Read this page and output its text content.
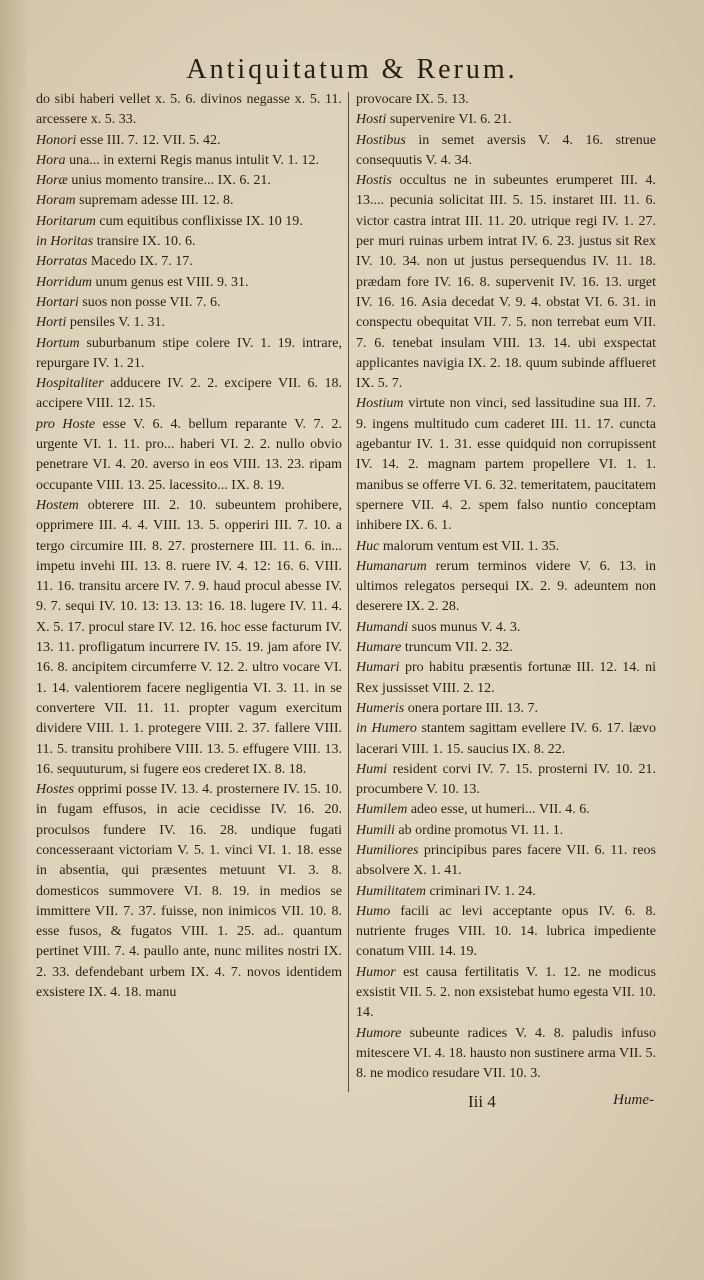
Antiquitatum & Rerum.

do sibi haberi vellet x. 5. 6. divinos negasse x. 5. 11. arcessere x. 5. 33.

Honori esse III. 7. 12. VII. 5. 42.

Hora una... in externi Regis manus intulit V. 1. 12.

Horæ unius momento transire... IX. 6. 21.

Horam supremam adesse III. 12. 8.

Horitarum cum equitibus conflixisse IX. 10 19.

in Horitas transire IX. 10. 6.

Horratas Macedo IX. 7. 17.

Horridum unum genus est VIII. 9. 31.

Hortari suos non posse VII. 7. 6.

Horti pensiles V. 1. 31.

Hortum suburbanum stipe colere IV. 1. 19. intrare, repurgare IV. 1. 21.

Hospitaliter adducere IV. 2. 2. excipere VII. 6. 18. accipere VIII. 12. 15.

pro Hoste esse V. 6. 4. bellum reparante V. 7. 2. urgente VI. 1. 11. pro... haberi VI. 2. 2. nullo obvio penetrare VI. 4. 20. averso in eos VIII. 13. 23. ripam occupante VIII. 13. 25. lacessito... IX. 8. 19.

Hostem obterere III. 2. 10. subeuntem prohibere, opprimere III. 4. 4. VIII. 13. 5. opperiri III. 7. 10. a tergo circumire III. 8. 27. prosternere III. 11. 6. in... impetu invehi III. 13. 8. ruere IV. 4. 12: 16. 6. VIII. 11. 16. transitu arcere IV. 7. 9. haud procul abesse IV. 9. 7. sequi IV. 10. 13: 13. 13: 16. 18. lugere IV. 11. 4. X. 5. 17. procul stare IV. 12. 16. hoc esse facturum IV. 13. 11. profligatum incurrere IV. 15. 19. jam afore IV. 16. 8. ancipitem circumferre V. 12. 2. ultro vocare VI. 1. 14. valentiorem facere negligentia VI. 3. 11. in se convertere VII. 11. 11. propter vagum exercitum dividere VIII. 1. 1. protegere VIII. 2. 37. fallere VIII. 11. 5. transitu prohibere VIII. 13. 5. effugere VIII. 13. 16. sequuturum, si fugere eos crederet IX. 8. 18.

Hostes opprimi posse IV. 13. 4. prosternere IV. 15. 10. in fugam effusos, in acie cecidisse IV. 16. 20. proculsos fundere IV. 16. 28. undique fugati concesseraant victoriam V. 5. 1. vinci VI. 1. 18. esse in absentia, qui præsentes metuunt VI. 3. 8. domesticos summovere VI. 8. 19. in medios se immittere VII. 7. 37. fuisse, non inimicos VII. 10. 8. esse fusos, & fugatos VIII. 1. 25. ad.. quantum pertinet VIII. 7. 4. paullo ante, nunc milites nostri IX. 2. 33. defendebant urbem IX. 4. 7. novos identidem exsistere IX. 4. 18. manu

provocare IX. 5. 13.

Hosti supervenire VI. 6. 21.

Hostibus in semet aversis V. 4. 16. strenue consequutis V. 4. 34.

Hostis occultus ne in subeuntes erumperet III. 4. 13.... pecunia solicitat III. 5. 15. instaret III. 11. 6. victor castra intrat III. 11. 20. utrique regi IV. 1. 27. per muri ruinas urbem intrat IV. 6. 23. justus sit Rex IV. 10. 34. non ut justus persequendus IV. 11. 18. prædam fore IV. 16. 8. supervenit IV. 16. 13. urget IV. 16. 16. Asia decedat V. 9. 4. obstat VI. 6. 31. in conspectu obequitat VII. 7. 5. non terrebat eum VII. 7. 6. tenebat insulam VIII. 13. 14. ubi exspectat applicantes navigia IX. 2. 18. quum subinde afflueret IX. 5. 7.

Hostium virtute non vinci, sed lassitudine sua III. 7. 9. ingens multitudo cum caderet III. 11. 17. cuncta agebantur IV. 1. 31. esse quidquid non corrupissent IV. 14. 2. magnam partem propellere VI. 1. 1. manibus se offerre VI. 6. 32. temeritatem, paucitatem spernere VII. 4. 2. spem falso nuntio conceptam inhibere IX. 6. 1.

Huc malorum ventum est VII. 1. 35.

Humanarum rerum terminos videre V. 6. 13. in ultimos relegatos persequi IX. 2. 9. adeuntem non deserere IX. 2. 28.

Humandi suos munus V. 4. 3.

Humare truncum VII. 2. 32.

Humari pro habitu præsentis fortunæ III. 12. 14. ni Rex jussisset VIII. 2. 12.

Humeris onera portare III. 13. 7.

in Humero stantem sagittam evellere IV. 6. 17. lævo lacerari VIII. 1. 15. saucius IX. 8. 22.

Humi resident corvi IV. 7. 15. prosterni IV. 10. 21. procumbere V. 10. 13.

Humilem adeo esse, ut humeri... VII. 4. 6.

Humili ab ordine promotus VI. 11. 1.

Humiliores principibus pares facere VII. 6. 11. reos absolvere X. 1. 41.

Humilitatem criminari IV. 1. 24.

Humo facili ac levi acceptante opus IV. 6. 8. nutriente fruges VIII. 10. 14. lubrica impediente conatum VIII. 14. 19.

Humor est causa fertilitatis V. 1. 12. ne modicus exsistit VII. 5. 2. non exsistebat humo egesta VII. 10. 14.

Humore subeunte radices V. 4. 8. paludis infuso mitescere VI. 4. 18. hausto non sustinere arma VII. 5. 8. ne modico resudare VII. 10. 3.

Iii 4	Hume-
